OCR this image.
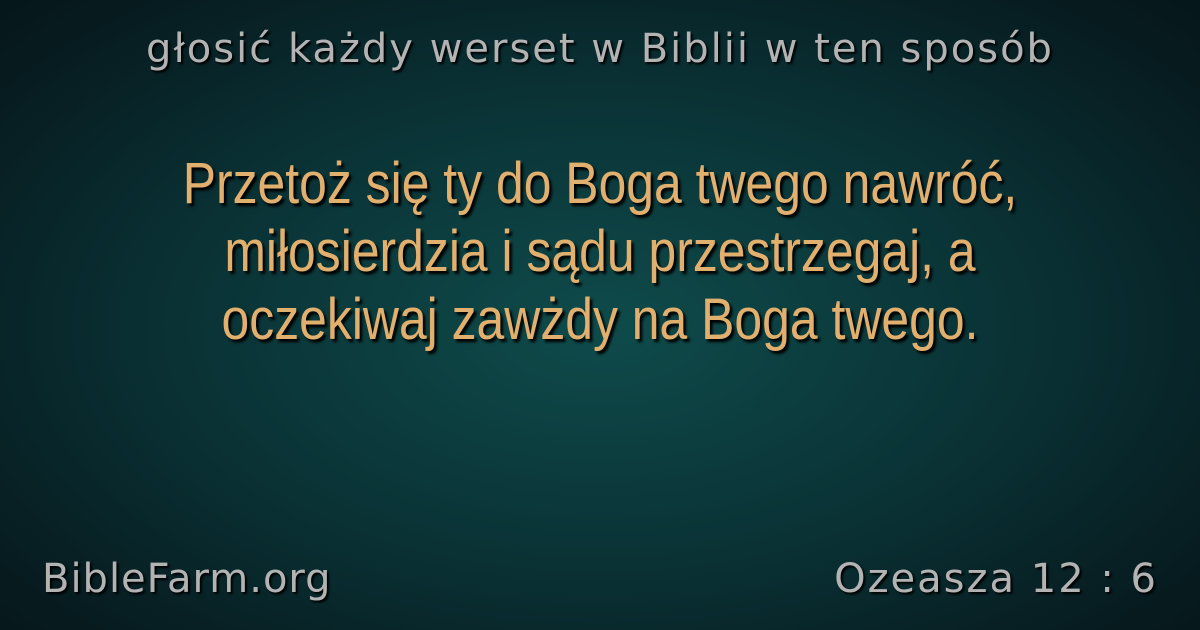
głosić każdy werset w Biblii w ten sposób
Przetoż się ty do Boga twego nawróć,
miłosierdzia i sądu przestrzegaj, a
oczekiwaj zawżdy na Boga twego.
BibleFarm.org	Ozeasza 12 : 6
